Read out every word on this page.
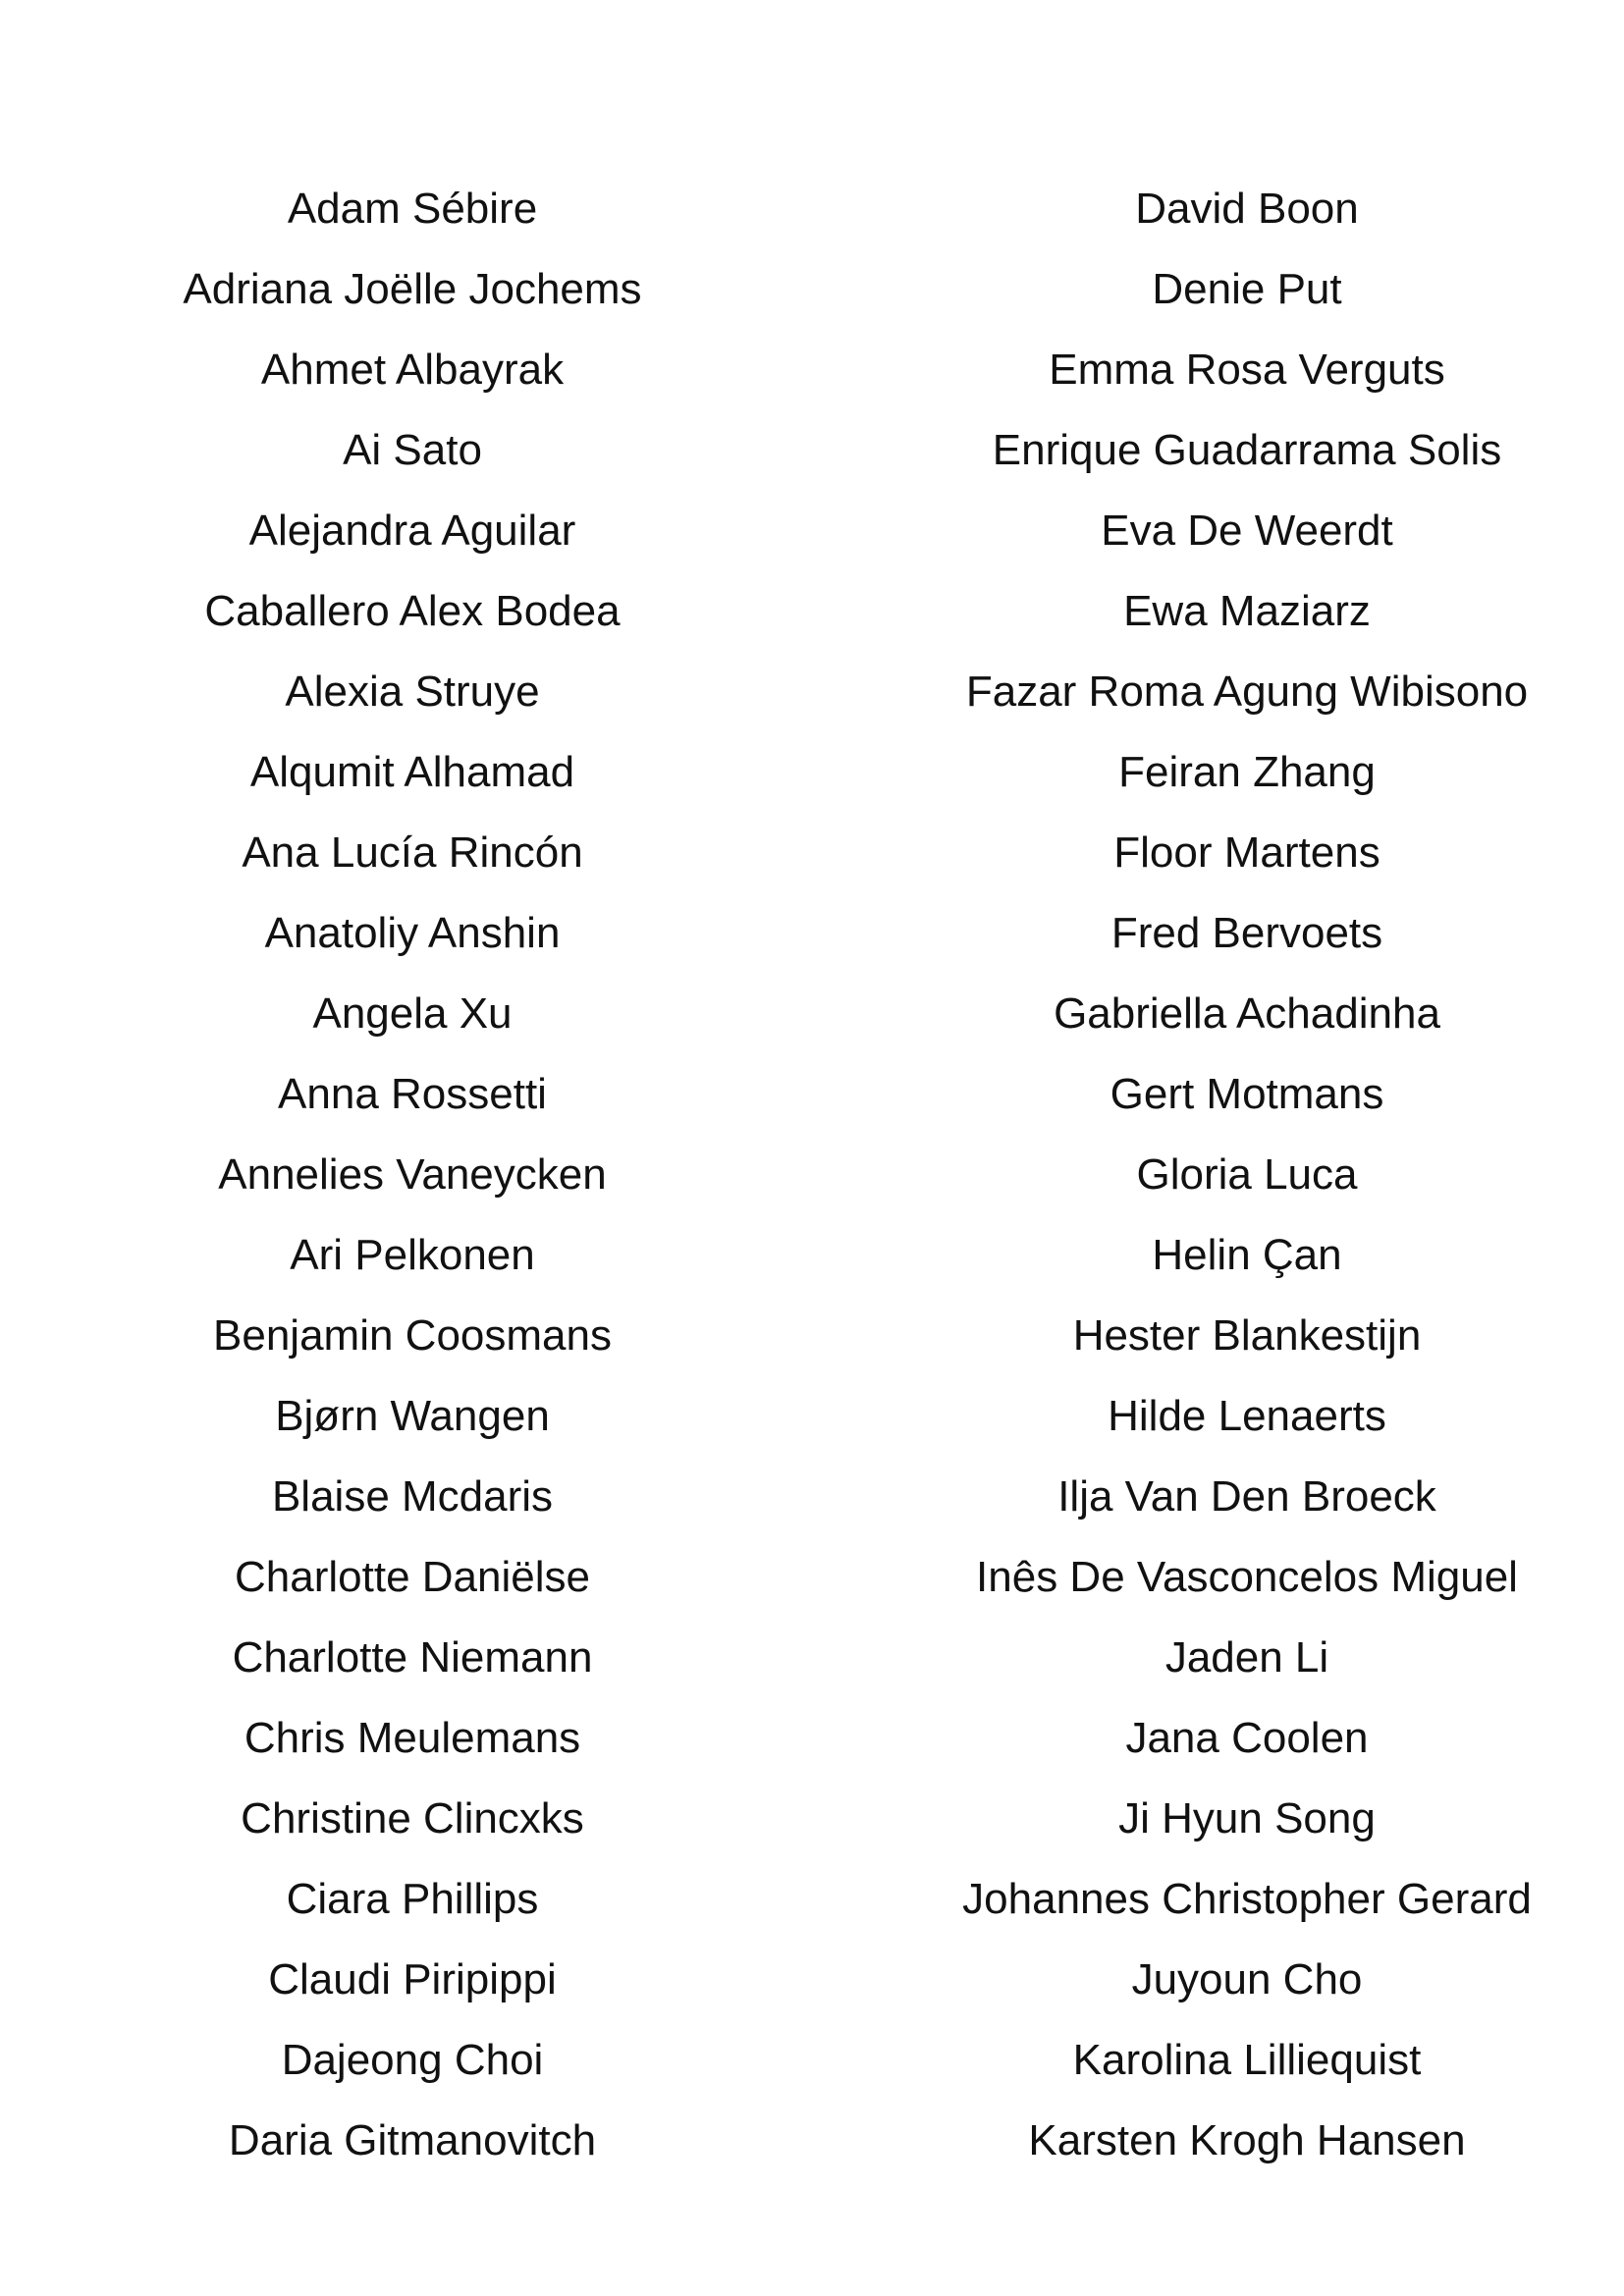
Adam Sébire
Adriana Joëlle Jochems
Ahmet Albayrak
Ai Sato
Alejandra Aguilar
Caballero Alex Bodea
Alexia Struye
Alqumit Alhamad
Ana Lucía Rincón
Anatoliy Anshin
Angela Xu
Anna Rossetti
Annelies Vaneycken
Ari Pelkonen
Benjamin Coosmans
Bjørn Wangen
Blaise Mcdaris
Charlotte Daniëlse
Charlotte Niemann
Chris Meulemans
Christine Clincxks
Ciara Phillips
Claudi Piripippi
Dajeong Choi
Daria Gitmanovitch
David Boon
Denie Put
Emma Rosa Verguts
Enrique Guadarrama Solis
Eva De Weerdt
Ewa Maziarz
Fazar Roma Agung Wibisono
Feiran Zhang
Floor Martens
Fred Bervoets
Gabriella Achadinha
Gert Motmans
Gloria Luca
Helin Çan
Hester Blankestijn
Hilde Lenaerts
Ilja Van Den Broeck
Inês De Vasconcelos Miguel
Jaden Li
Jana Coolen
Ji Hyun Song
Johannes Christopher Gerard
Juyoun Cho
Karolina Lilliequist
Karsten Krogh Hansen
